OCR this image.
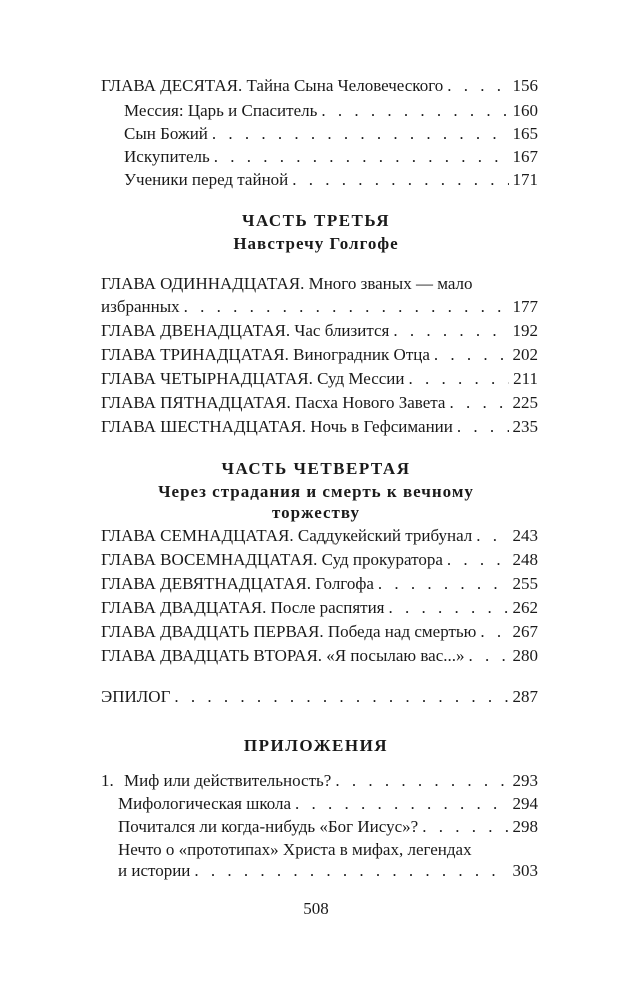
ГЛАВА ДЕСЯТАЯ. Тайна Сына Человеческого . . .	156
Мессия: Царь и Спаситель . . .	160
Сын Божий . . .	165
Искупитель . . .	167
Ученики перед тайной . . .	171
ЧАСТЬ ТРЕТЬЯ
Навстречу Голгофе
ГЛАВА ОДИННАДЦАТАЯ. Много званых — мало
избранных . . .	177
ГЛАВА ДВЕНАДЦАТАЯ. Час близится . . .	192
ГЛАВА ТРИНАДЦАТАЯ. Виноградник Отца . . .	202
ГЛАВА ЧЕТЫРНАДЦАТАЯ. Суд Мессии . . .	211
ГЛАВА ПЯТНАДЦАТАЯ. Пасха Нового Завета . . .	225
ГЛАВА ШЕСТНАДЦАТАЯ. Ночь в Гефсимании . . .	235
ЧАСТЬ ЧЕТВЕРТАЯ
Через страдания и смерть к вечному
торжеству
ГЛАВА СЕМНАДЦАТАЯ. Саддукейский трибунал . . . 243
ГЛАВА ВОСЕМНАДЦАТАЯ. Суд прокуратора . . .	248
ГЛАВА ДЕВЯТНАДЦАТАЯ. Голгофа . . .	255
ГЛАВА ДВАДЦАТАЯ. После распятия . . .	262
ГЛАВА ДВАДЦАТЬ ПЕРВАЯ. Победа над смертью . . . 267
ГЛАВА ДВАДЦАТЬ ВТОРАЯ. «Я посылаю вас...» . . .	280
ЭПИЛОГ . . .	287
ПРИЛОЖЕНИЯ
1. Миф или действительность? . . .	293
Мифологическая школа . . .	294
Почитался ли когда-нибудь «Бог Иисус»? . . .	298
Нечто о «прототипах» Христа в мифах, легендах
и истории . . .	303
508
